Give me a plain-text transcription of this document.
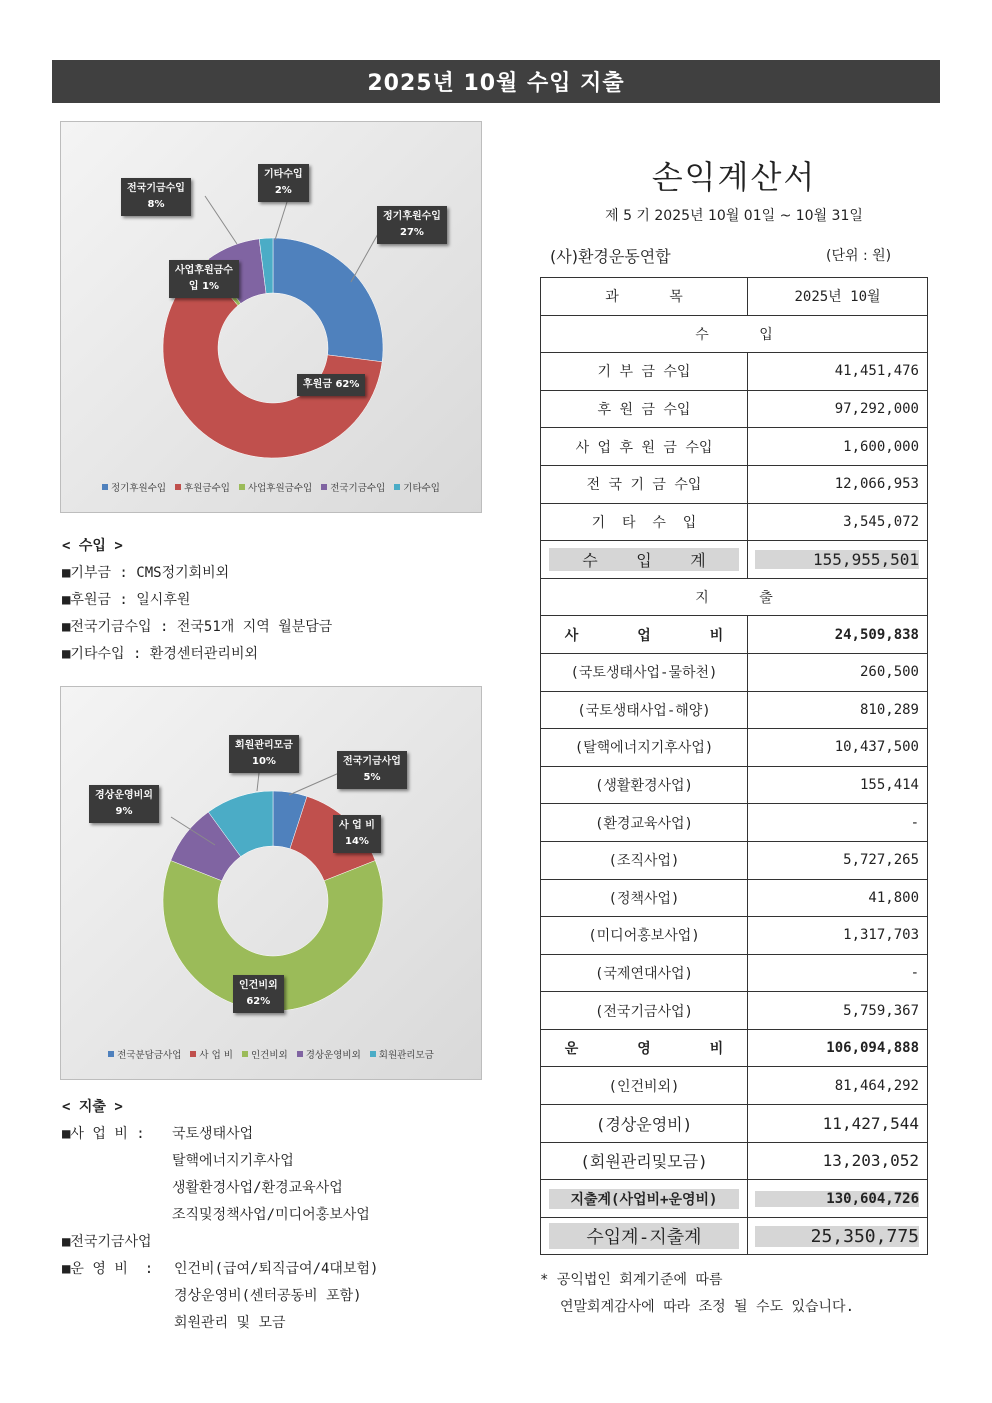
2025년 10월 수입 지출
정기후원수입
27%
후원금 62%
사업후원금수
입 1%
전국기금수입
8%
기타수입
2%
정기후원수입 후원금수입 사업후원금수입 전국기금수입 기타수입
< 수입 >
■기부금 : CMS정기회비외
■후원금 : 일시후원
■전국기금수입 : 전국51개 지역 월분담금
■기타수입 : 환경센터관리비외
전국기금사업
5%
사 업 비
14%
인건비외
62%
경상운영비외
9%
회원관리모금
10%
전국분담금사업 사 업 비 인건비외 경상운영비외 회원관리모금
< 지출 >
■사 업 비 :	국토생태사업
탈핵에너지기후사업
생활환경사업/환경교육사업
조직및정책사업/미디어홍보사업
■전국기금사업
■운 영 비  : 인건비(급여/퇴직급여/4대보험)
경상운영비(센터공동비 포함)
회원관리 및 모금
손익계산서
제 5 기 2025년 10월 01일 ~ 10월 31일
(사)환경운동연합	(단위 : 원)
과      목	2025년 10월
수      입	
기 부 금 수입	41,451,476
후 원 금 수입	97,292,000
사 업 후 원 금 수입	1,600,000
전 국 기 금 수입	12,066,953
기  타  수  입	3,545,072
수    입    계	155,955,501
지      출	
사       업       비	24,509,838
(국토생태사업-물하천)	260,500
(국토생태사업-해양)	810,289
(탈핵에너지기후사업)	10,437,500
(생활환경사업)	155,414
(환경교육사업)	-
(조직사업)	5,727,265
(정책사업)	41,800
(미디어홍보사업)	1,317,703
(국제연대사업)	-
(전국기금사업)	5,759,367
운       영       비	106,094,888
(인건비외)	81,464,292
(경상운영비)	11,427,544
(회원관리및모금)	13,203,052
지출계(사업비+운영비)	130,604,726
수입계-지출계	25,350,775
* 공익법인 회계기준에 따름
연말회계감사에 따라 조정 될 수도 있습니다.
